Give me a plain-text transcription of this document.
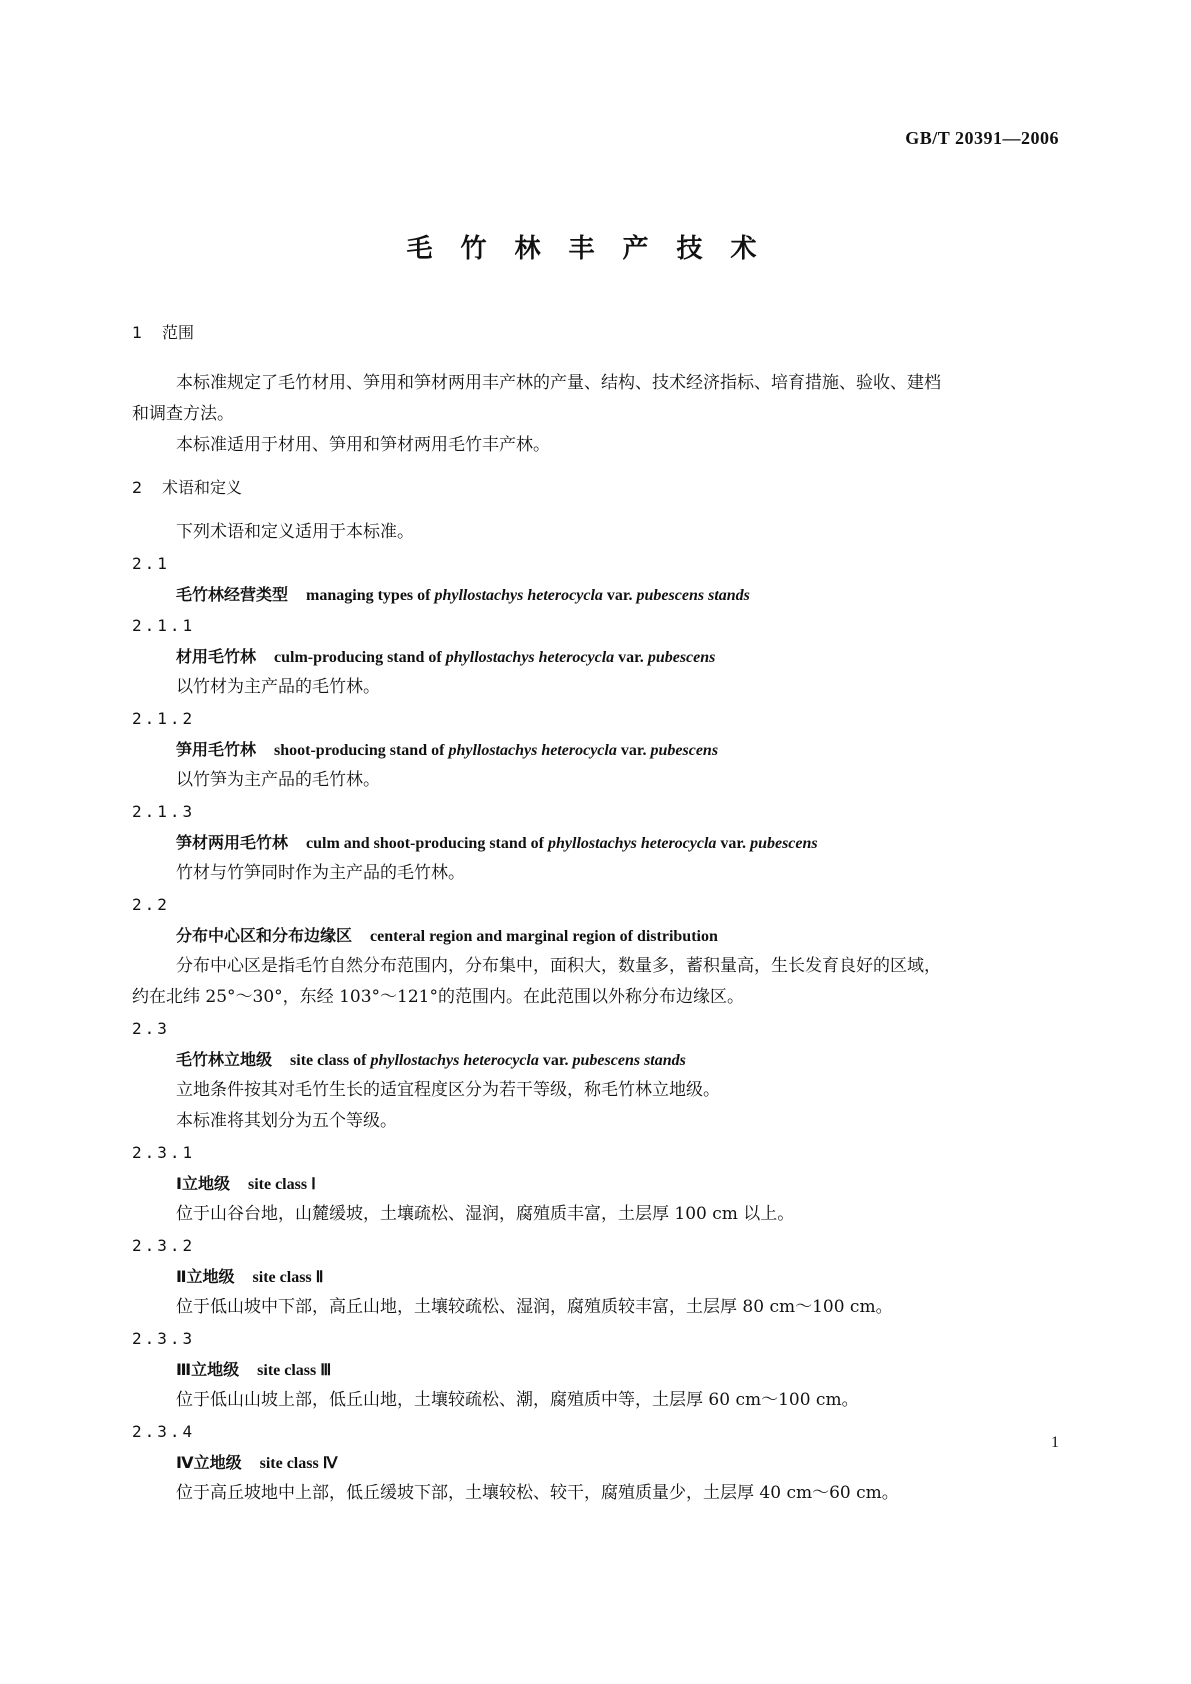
GB/T 20391—2006
毛竹林丰产技术
1 范围

本标准规定了毛竹材用、笋用和笋材两用丰产林的产量、结构、技术经济指标、培育措施、验收、建档
和调查方法。

本标准适用于材用、笋用和笋材两用毛竹丰产林。

2 术语和定义

下列术语和定义适用于本标准。

2.1

毛竹林经营类型 managing types of phyllostachys heterocycla var. pubescens stands

2.1.1

材用毛竹林 culm-producing stand of phyllostachys heterocycla var. pubescens

以竹材为主产品的毛竹林。

2.1.2

笋用毛竹林 shoot-producing stand of phyllostachys heterocycla var. pubescens

以竹笋为主产品的毛竹林。

2.1.3

笋材两用毛竹林 culm and shoot-producing stand of phyllostachys heterocycla var. pubescens

竹材与竹笋同时作为主产品的毛竹林。

2.2

分布中心区和分布边缘区 centeral region and marginal region of distribution

分布中心区是指毛竹自然分布范围内，分布集中，面积大，数量多，蓄积量高，生长发育良好的区域，

约在北纬 25°～30°，东经 103°～121°的范围内。在此范围以外称分布边缘区。

2.3

毛竹林立地级 site class of phyllostachys heterocycla var. pubescens stands

立地条件按其对毛竹生长的适宜程度区分为若干等级，称毛竹林立地级。

本标准将其划分为五个等级。

2.3.1

Ⅰ立地级 site class Ⅰ

位于山谷台地，山麓缓坡，土壤疏松、湿润，腐殖质丰富，土层厚 100 cm 以上。

2.3.2

Ⅱ立地级 site class Ⅱ

位于低山坡中下部，高丘山地，土壤较疏松、湿润，腐殖质较丰富，土层厚 80 cm～100 cm。

2.3.3

Ⅲ立地级 site class Ⅲ

位于低山山坡上部，低丘山地，土壤较疏松、潮，腐殖质中等，土层厚 60 cm～100 cm。

2.3.4

Ⅳ立地级 site class Ⅳ

位于高丘坡地中上部，低丘缓坡下部，土壤较松、较干，腐殖质量少，土层厚 40 cm～60 cm。

1
